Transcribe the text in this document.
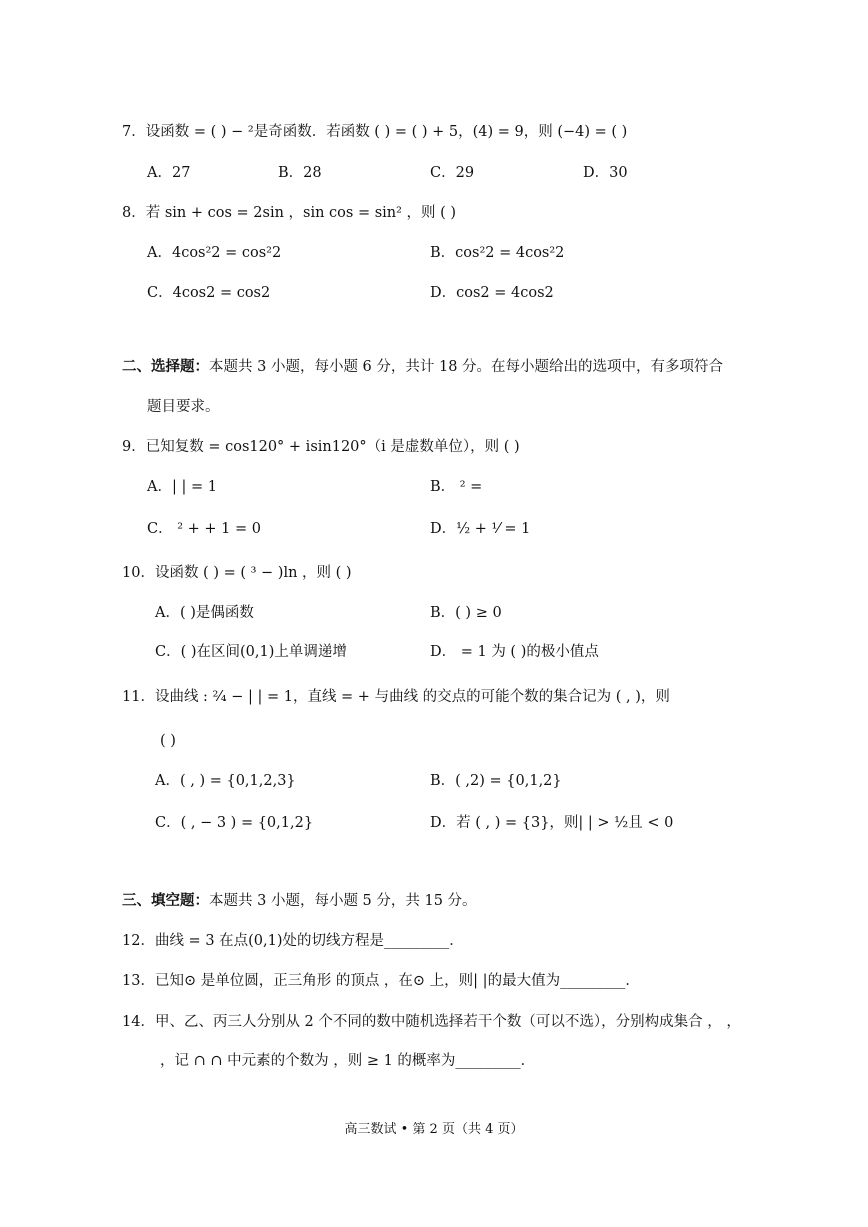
7．设函数 = ( ) − ²是奇函数．若函数 ( ) = ( ) + 5，(4) = 9，则 (−4) = ( )
A．27	B．28	C．29	D．30
8．若 sin + cos = 2sin ，sin cos = sin² ，则 ( )
A．4cos²2 = cos²2	B．cos²2 = 4cos²2
C．4cos2 = cos2	D．cos2 = 4cos2
二、选择题：本题共 3 小题，每小题 6 分，共计 18 分。在每小题给出的选项中，有多项符合
题目要求。
9．已知复数 = cos120° + isin120°（i 是虚数单位），则 ( )
A．| | = 1	B． ² =
C． ² + + 1 = 0	D．½ + ¹⁄ = 1
10．设函数 ( ) = ( ³ − )ln ，则 ( )
A．( )是偶函数	B．( ) ≥ 0
C．( )在区间(0,1)上单调递增	D． = 1 为 ( )的极小值点
11．设曲线 : ²⁄₄ − | | = 1，直线 = + 与曲线 的交点的可能个数的集合记为 ( , )，则
( )
A．( , ) = {0,1,2,3}	B．( ,2) = {0,1,2}
C．( , − 3 ) = {0,1,2}	D．若 ( , ) = {3}，则| | > ½且 < 0
三、填空题：本题共 3 小题，每小题 5 分，共 15 分。
12．曲线 = 3 在点(0,1)处的切线方程是_________．
13．已知⊙ 是单位圆，正三角形 的顶点 ，在⊙ 上，则| |的最大值为_________．
14．甲、乙、丙三人分别从 2 个不同的数中随机选择若干个数（可以不选），分别构成集合 ， ，
，记 ∩ ∩ 中元素的个数为 ，则 ≥ 1 的概率为_________．
高三数试 • 第 2 页（共 4 页）
